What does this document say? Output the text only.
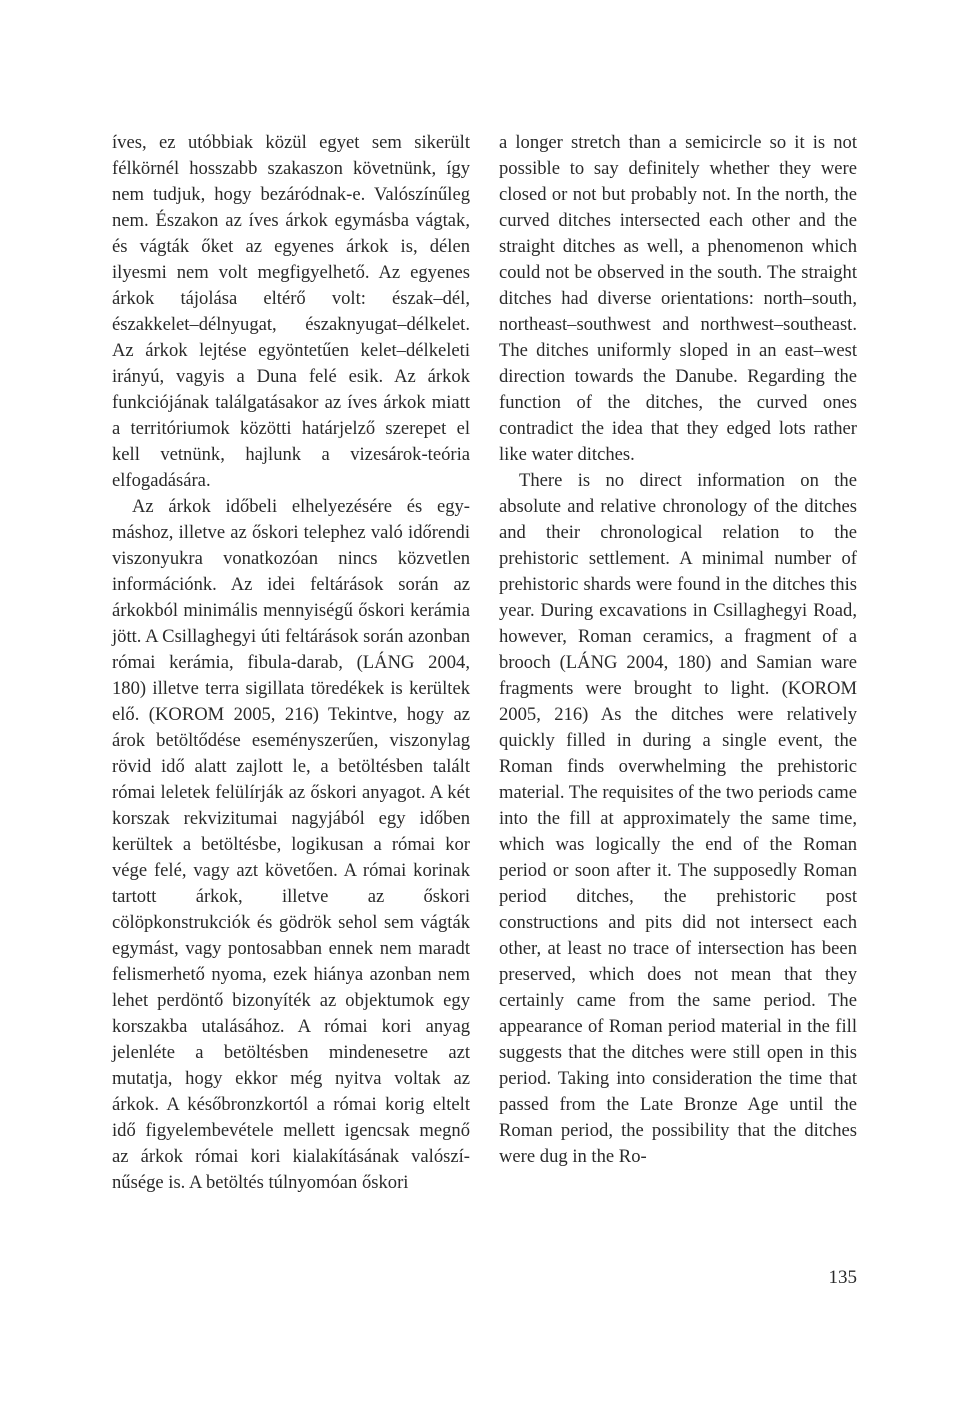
íves, ez utóbbiak közül egyet sem sikerült félkörnél hosszabb szakaszon követnünk, így nem tudjuk, hogy bezáródnak-e. Valószínűleg nem. Északon az íves árkok egymásba vágtak, és vágták őket az egyenes árkok is, délen ilyesmi nem volt megfigyelhető. Az egyenes árkok tájolása eltérő volt: észak–dél, északkelet–délnyugat, északnyugat–délkelet. Az árkok lejtése egyöntetűen kelet–délkeleti irányú, vagyis a Duna felé esik. Az árkok funkciójának találgatásakor az íves árkok miatt a territóriumok közötti határjelző szerepet el kell vetnünk, hajlunk a vizesárok-teória elfogadására.

Az árkok időbeli elhelyezésére és egymáshoz, illetve az őskori telephez való időrendi viszonyukra vonatkozóan nincs közvetlen információnk. Az idei feltárások során az árkokból minimális mennyiségű őskori kerámia jött. A Csillaghegyi úti feltárások során azonban római kerámia, fibula-darab, (LÁNG 2004, 180) illetve terra sigillata töredékek is kerültek elő. (KOROM 2005, 216) Tekintve, hogy az árok betöltődése eseményszerűen, viszonylag rövid idő alatt zajlott le, a betöltésben talált római leletek felülírják az őskori anyagot. A két korszak rekvizitumai nagyjából egy időben kerültek a betöltésbe, logikusan a római kor vége felé, vagy azt követően. A római korinak tartott árkok, illetve az őskori cölöpkonstrukciók és gödrök sehol sem vágták egymást, vagy pontosabban ennek nem maradt felismerhető nyoma, ezek hiánya azonban nem lehet perdöntő bizonyíték az objektumok egy korszakba utalásához. A római kori anyag jelenléte a betöltésben mindenesetre azt mutatja, hogy ekkor még nyitva voltak az árkok. A későbronzkortól a római korig eltelt idő figyelembevétele mellett igencsak megnő az árkok római kori kialakításának valószínűsége is. A betöltés túlnyomóan őskori

a longer stretch than a semicircle so it is not possible to say definitely whether they were closed or not but probably not. In the north, the curved ditches intersected each other and the straight ditches as well, a phenomenon which could not be observed in the south. The straight ditches had diverse orientations: north–south, northeast–southwest and northwest–southeast. The ditches uniformly sloped in an east–west direction towards the Danube. Regarding the function of the ditches, the curved ones contradict the idea that they edged lots rather like water ditches.

There is no direct information on the absolute and relative chronology of the ditches and their chronological relation to the prehistoric settlement. A minimal number of prehistoric shards were found in the ditches this year. During excavations in Csillaghegyi Road, however, Roman ceramics, a fragment of a brooch (LÁNG 2004, 180) and Samian ware fragments were brought to light. (KOROM 2005, 216) As the ditches were relatively quickly filled in during a single event, the Roman finds overwhelming the prehistoric material. The requisites of the two periods came into the fill at approximately the same time, which was logically the end of the Roman period or soon after it. The supposedly Roman period ditches, the prehistoric post constructions and pits did not intersect each other, at least no trace of intersection has been preserved, which does not mean that they certainly came from the same period. The appearance of Roman period material in the fill suggests that the ditches were still open in this period. Taking into consideration the time that passed from the Late Bronze Age until the Roman period, the possibility that the ditches were dug in the Ro-

135
